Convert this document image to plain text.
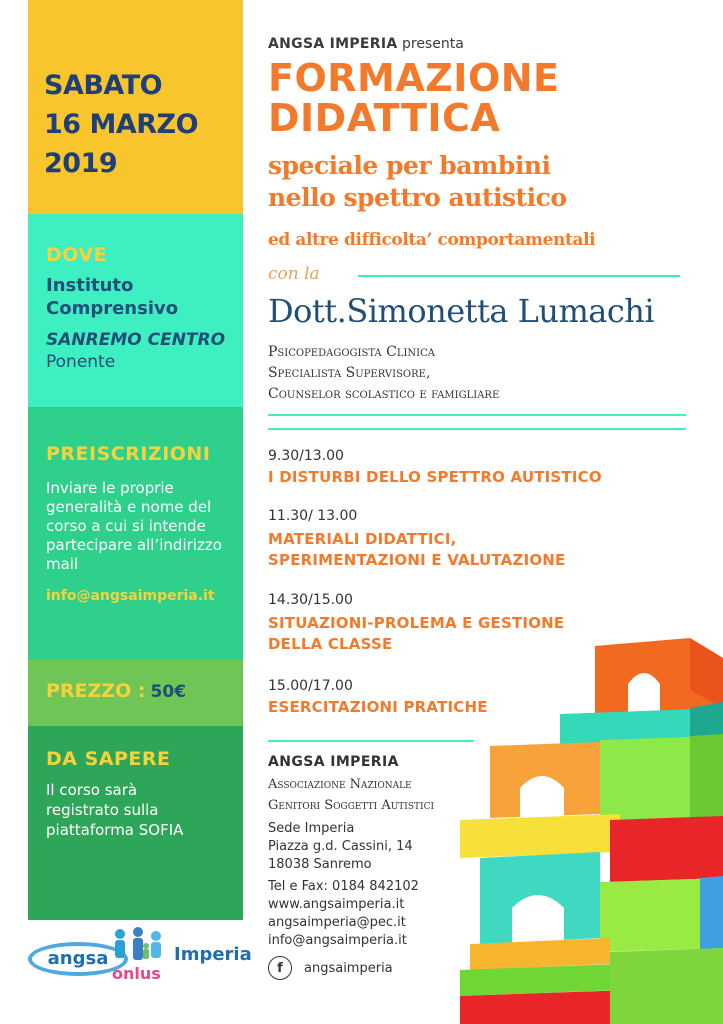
SABATO
16 MARZO
2019
DOVE
Instituto
Comprensivo
SANREMO CENTRO
Ponente
PREISCRIZIONI
Inviare le proprie generalità e nome del corso a cui si intende partecipare all’indirizzo mail
info@angsaimperia.it
PREZZO : 50€
DA SAPERE
Il corso sarà registrato sulla piattaforma SOFIA
angsa
onlus
Imperia
ANGSA IMPERIA presenta
FORMAZIONE
DIDATTICA
speciale per bambini
nello spettro autistico
ed altre difficolta’ comportamentali
con la
Dott.Simonetta Lumachi
Psicopedagogista Clinica
Specialista Supervisore,
Counselor scolastico e famigliare
9.30/13.00
I DISTURBI DELLO SPETTRO AUTISTICO
11.30/ 13.00
MATERIALI DIDATTICI,
SPERIMENTAZIONI E VALUTAZIONE
14.30/15.00
SITUAZIONI-PROLEMA E GESTIONE
DELLA CLASSE
15.00/17.00
ESERCITAZIONI PRATICHE
ANGSA IMPERIA
Associazione Nazionale
Genitori Soggetti Autistici
Sede Imperia
Piazza g.d. Cassini, 14
18038 Sanremo
Tel e Fax: 0184 842102
www.angsaimperia.it
angsaimperia@pec.it
info@angsaimperia.it
f	angsaimperia
